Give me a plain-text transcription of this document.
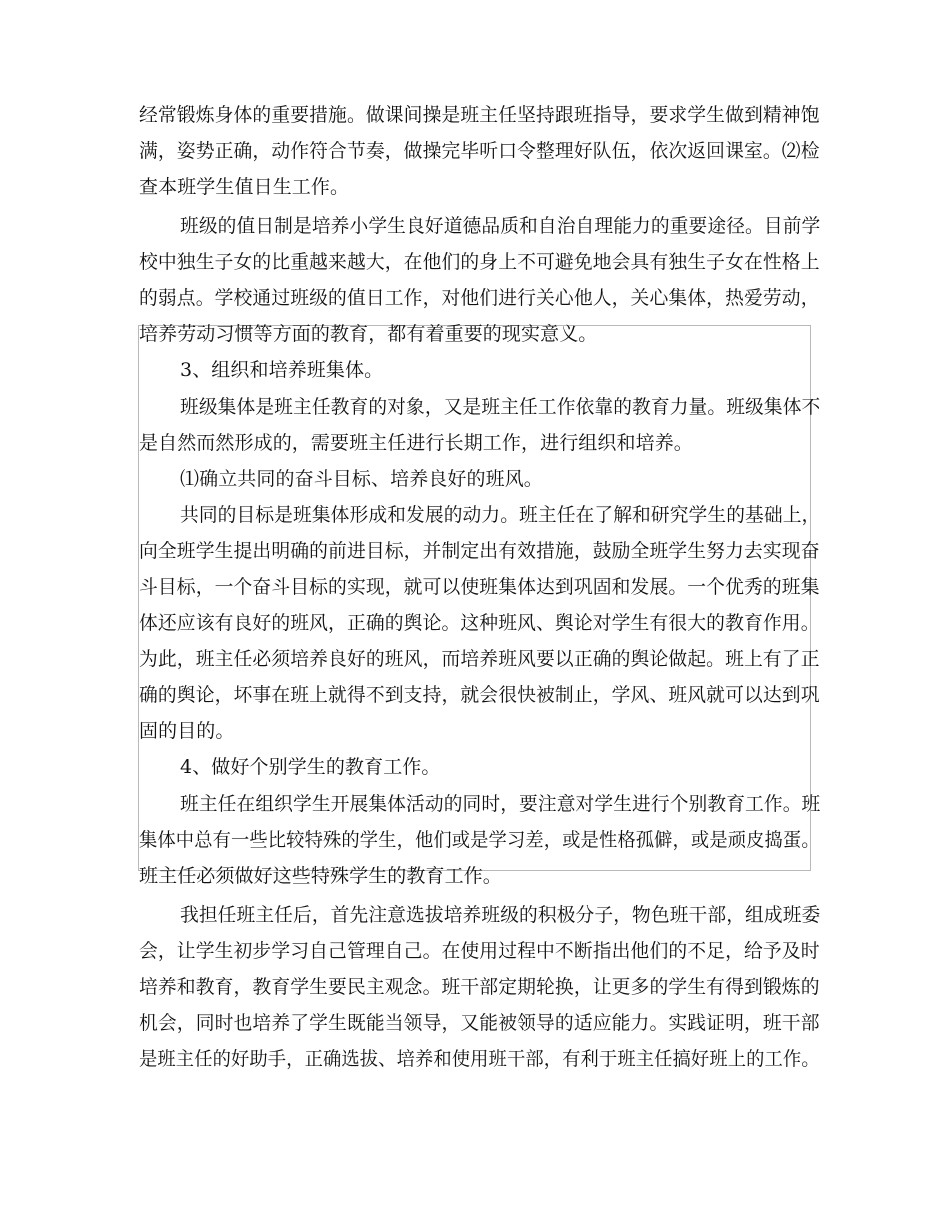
经常锻炼身体的重要措施。做课间操是班主任坚持跟班指导，要求学生做到精神饱
满，姿势正确，动作符合节奏，做操完毕听口令整理好队伍，依次返回课室。⑵检
查本班学生值日生工作。
班级的值日制是培养小学生良好道德品质和自治自理能力的重要途径。目前学
校中独生子女的比重越来越大，在他们的身上不可避免地会具有独生子女在性格上
的弱点。学校通过班级的值日工作，对他们进行关心他人，关心集体，热爱劳动，
培养劳动习惯等方面的教育，都有着重要的现实意义。
3、组织和培养班集体。
班级集体是班主任教育的对象，又是班主任工作依靠的教育力量。班级集体不
是自然而然形成的，需要班主任进行长期工作，进行组织和培养。
⑴确立共同的奋斗目标、培养良好的班风。
共同的目标是班集体形成和发展的动力。班主任在了解和研究学生的基础上，
向全班学生提出明确的前进目标，并制定出有效措施，鼓励全班学生努力去实现奋
斗目标，一个奋斗目标的实现，就可以使班集体达到巩固和发展。一个优秀的班集
体还应该有良好的班风，正确的舆论。这种班风、舆论对学生有很大的教育作用。
为此，班主任必须培养良好的班风，而培养班风要以正确的舆论做起。班上有了正
确的舆论，坏事在班上就得不到支持，就会很快被制止，学风、班风就可以达到巩
固的目的。
4、做好个别学生的教育工作。
班主任在组织学生开展集体活动的同时，要注意对学生进行个别教育工作。班
集体中总有一些比较特殊的学生，他们或是学习差，或是性格孤僻，或是顽皮捣蛋。
班主任必须做好这些特殊学生的教育工作。
我担任班主任后，首先注意选拔培养班级的积极分子，物色班干部，组成班委
会，让学生初步学习自己管理自己。在使用过程中不断指出他们的不足，给予及时
培养和教育，教育学生要民主观念。班干部定期轮换，让更多的学生有得到锻炼的
机会，同时也培养了学生既能当领导，又能被领导的适应能力。实践证明，班干部
是班主任的好助手，正确选拔、培养和使用班干部，有利于班主任搞好班上的工作。
